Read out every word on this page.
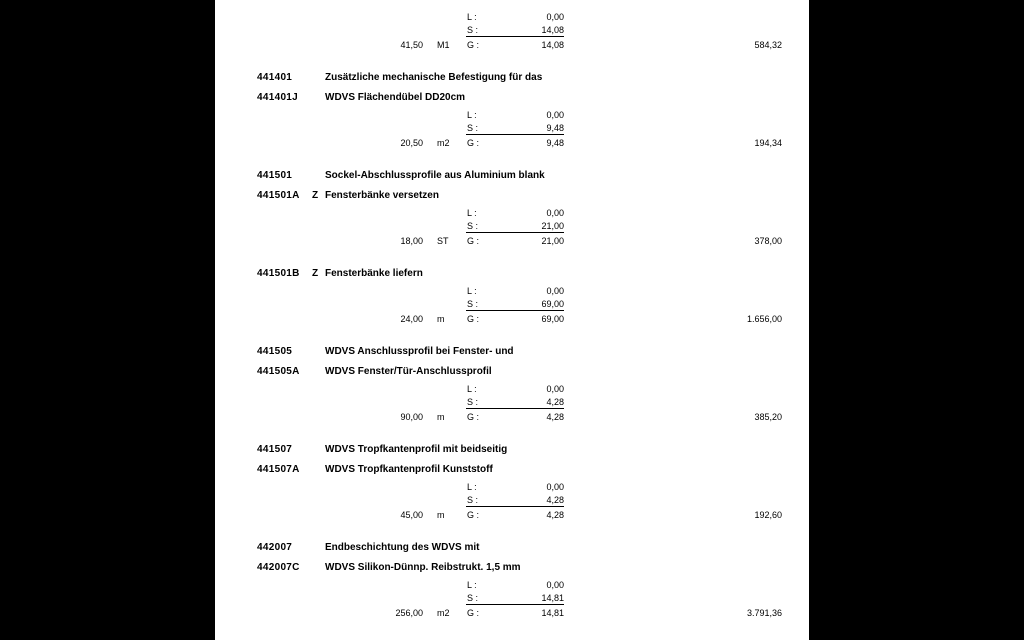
L :	0,00
S :	14,08
41,50 M1 G :	14,08	584,32
441401	Zusätzliche mechanische Befestigung für das
441401J	WDVS Flächendübel DD20cm
L :	0,00
S :	9,48
20,50 m2 G :	9,48	194,34
441501	Sockel-Abschlussprofile aus Aluminium blank
441501A Z Fensterbänke versetzen
L :	0,00
S :	21,00
18,00 ST G :	21,00	378,00
441501B Z Fensterbänke liefern
L :	0,00
S :	69,00
24,00 m	G :	69,00	1.656,00
441505	WDVS Anschlussprofil bei Fenster- und
441505A	WDVS Fenster/Tür-Anschlussprofil
L :	0,00
S :	4,28
90,00 m	G :	4,28	385,20
441507	WDVS Tropfkantenprofil mit beidseitig
441507A	WDVS Tropfkantenprofil Kunststoff
L :	0,00
S :	4,28
45,00 m	G :	4,28	192,60
442007	Endbeschichtung des WDVS mit
442007C	WDVS Silikon-Dünnp. Reibstrukt. 1,5 mm
L :	0,00
S :	14,81
256,00 m2 G :	14,81	3.791,36
